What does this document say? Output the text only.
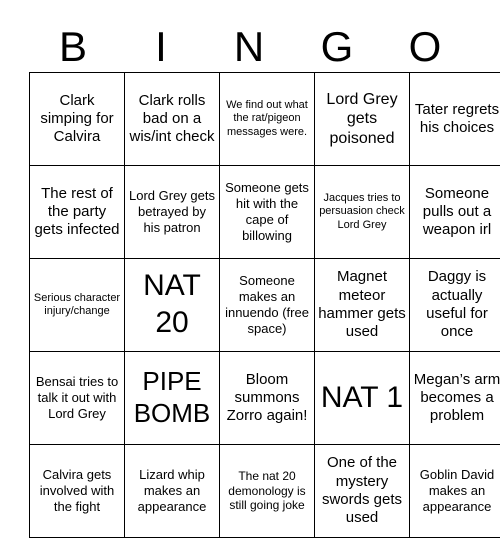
B	I	N	G	O
Clark simping for Calvira	Clark rolls bad on a wis/int check	We find out what the rat/pigeon messages were.	Lord Grey gets poisoned	Tater regrets his choices
The rest of the party gets infected	Lord Grey gets betrayed by his patron	Someone gets hit with the cape of billowing	Jacques tries to persuasion check Lord Grey	Someone pulls out a weapon irl
Serious character injury/change	NAT 20	Someone makes an innuendo (free space)	Magnet meteor hammer gets used	Daggy is actually useful for once
Bensai tries to talk it out with Lord Grey	PIPE BOMB	Bloom summons Zorro again!	NAT 1	Megan’s arm becomes a problem
Calvira gets involved with the fight	Lizard whip makes an appearance	The nat 20 demonology is still going joke	One of the mystery swords gets used	Goblin David makes an appearance
